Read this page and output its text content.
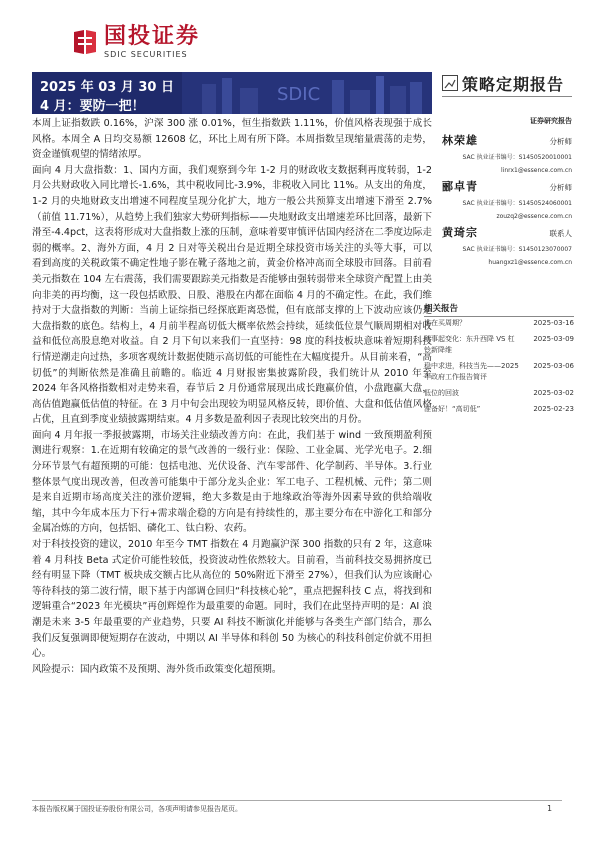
国投证券
SDIC SECURITIES
SDIC
2025 年 03 月 30 日
4 月：要防一把！
策略定期报告

本周上证指数跌 0.16%，沪深 300 涨 0.01%，恒生指数跌 1.11%，价值风格表现强于成长风格。本周全 A 日均交易额 12608 亿，环比上周有所下降。本周指数呈现缩量震荡的走势，资金谨慎观望的情绪浓厚。

面向 4 月大盘指数：1、国内方面，我们观察到今年 1-2 月的财政收支数据剩再度转弱，1-2 月公共财政收入同比增长-1.6%，其中税收同比-3.9%，非税收入同比 11%。从支出的角度，1-2 月的央地财政支出增速不同程度呈现分化扩大，地方一般公共预算支出增速下滑至 2.7%（前值 11.71%），从趋势上我们独家大势研判指标——央地财政支出增速差环比回落，最新下滑至-4.4pct，这表将形成对大盘指数上涨的压制，意味着要审慎评估国内经济在二季度边际走弱的概率。2、海外方面，4 月 2 日对等关税出台是近期全球投资市场关注的头等大事，可以看到高度的关税政策不确定性地子影在靴子落地之前，黄金价格冲高而全球股市回落。目前看美元指数在 104 左右震荡，我们需要跟踪美元指数是否能够由强转弱带来全球资产配置上由美向非美的再均衡，这一段包括欧股、日股、港股在内都在面临 4 月的不确定性。在此，我们维持对于大盘指数的判断：当前上证综指已经探底距离恐慌，但有底部支撑的上下波动应该仍是大盘指数的底色。结构上，4 月前半程高切低大概率依然会持续，延续低位景气顺周期相对收益和低位高股息绝对收益。自 2 月下旬以来我们一直坚持：98 度的科技板块意味着短期科技行情逆潮走向过热，多项客观统计数据使随示高切低的可能性在大幅度提升。从目前来看，“高切低”的判断依然是准确且前瞻的。临近 4 月财报密集披露阶段，我们统计从 2010 年至 2024 年各风格指数相对走势来看，春节后 2 月份通常展现出成长跑赢价值，小盘跑赢大盘，高估值跑赢低估值的特征。在 3 月中旬会出现较为明显风格反转，即价值、大盘和低估值风格占优，且直到季度业绩披露期结束。4 月多数是盈利因子表现比较突出的月份。

面向 4 月年报一季报披露期，市场关注业绩改善方向：在此，我们基于 wind 一致预期盈利预测进行观察：1.在近期有较确定的景气改善的一级行业：保险、工业金属、光学光电子。2.细分环节景气有超预期的可能：包括电池、光伏设备、汽车零部件、化学制药、半导体。3.行业整体景气度出现改善，但改善可能集中于部分龙头企业：军工电子、工程机械、元件；第二则是来自近期市场高度关注的涨价逻辑，绝大多数是由于地缘政治等海外因素导致的供给端收缩，其中今年成本压力下行+需求端企稳的方向是有持续性的，那主要分布在中游化工和部分金属冶炼的方向，包括铝、磷化工、钛白粉、农药。

对于科技投资的建议，2010 年至今 TMT 指数在 4 月跑赢沪深 300 指数的只有 2 年，这意味着 4 月科技 Beta 式定价可能性较低，投资波动性依然较大。目前看，当前科技交易拥挤度已经有明显下降（TMT 板块成交额占比从高位的 50%附近下滑至 27%），但我们认为应该耐心等待科技的第二波行情，眼下基于内部调仓回归“科技核心轮”，重点把握科技 C 点，将找到和逻辑重合“2023 年光模块”再创辉煌作为最重要的命题。同时，我们在此坚持声明的是：AI 浪潮是未来 3-5 年最重要的产业趋势，只要 AI 科技不断演化并能够与各类生产部门结合，那么我们反复强调即便短期存在波动，中期以 AI 半导体和科创 50 为核心的科技科创定价就不用担心。

风险提示：国内政策不及预期、海外货币政策变化超预期。

证券研究报告
林荣雄	分析师
SAC 执业证书编号：S1450520010001
linrx1@essence.com.cn
郦卓青	分析师
SAC 执业证书编号：S1450524060001
zouzq2@essence.com.cn
黄琦宗	联系人
SAC 执业证书编号：S1450123070007
huangxz1@essence.com.cn
相关报告
谁在买周期？	2025-03-16
叙事起变化：东升西降 VS 杠铃新降维
2025-03-09
稳中求进，科技当先——2025 年政府工作报告简评
2025-03-06
低位的回波	2025-03-02
准备好！“高切低”	2025-02-23
本报告版权属于国投证券股份有限公司，各项声明请参见报告尾页。	1
